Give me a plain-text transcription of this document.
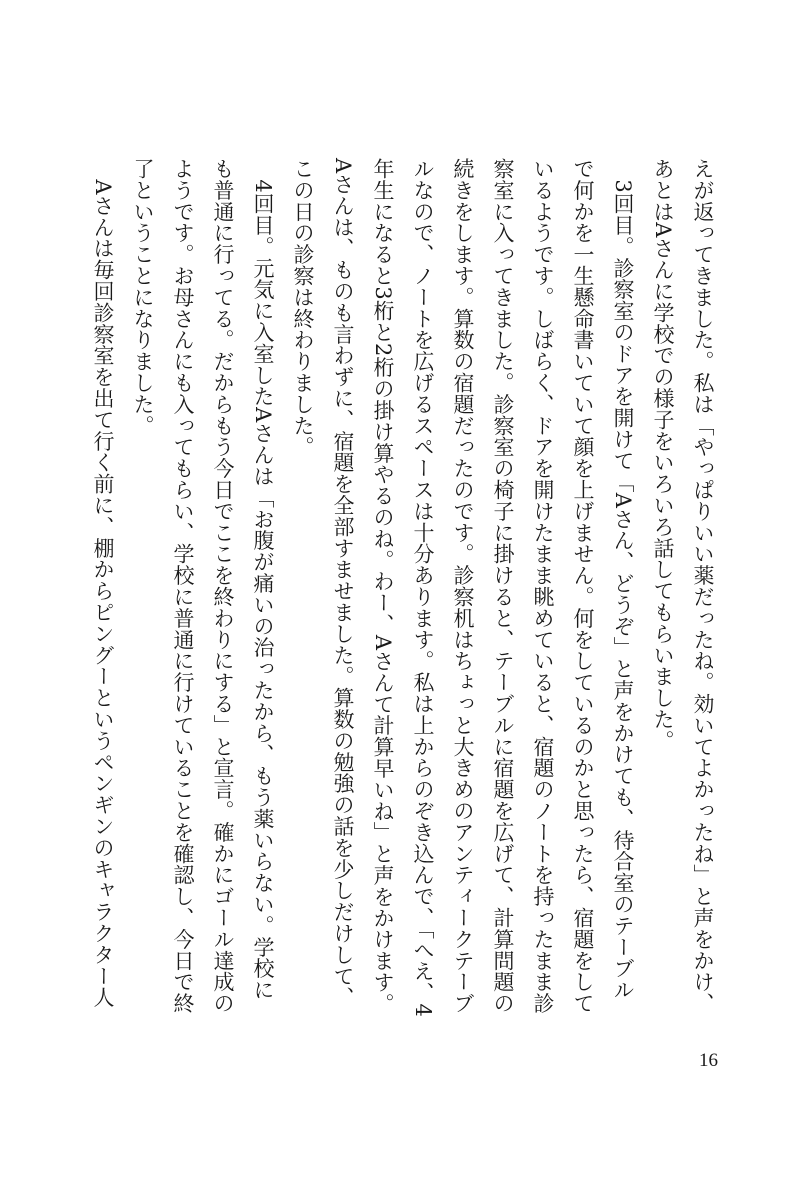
えが返ってきました。私は「やっぱりいい薬だったね。効いてよかったね」と声をかけ、
あとはAさんに学校での様子をいろいろ話してもらいました。
　3回目。診察室のドアを開けて「Aさん、どうぞ」と声をかけても、待合室のテーブル
で何かを一生懸命書いていて顔を上げません。何をしているのかと思ったら、宿題をして
いるようです。しばらく、ドアを開けたまま眺めていると、宿題のノートを持ったまま診
察室に入ってきました。診察室の椅子に掛けると、テーブルに宿題を広げて、計算問題の
続きをします。算数の宿題だったのです。診察机はちょっと大きめのアンティークテーブ
ルなので、ノートを広げるスペースは十分あります。私は上からのぞき込んで、「へえ、4
年生になると3桁と2桁の掛け算やるのね。わー、Aさんて計算早いね」と声をかけます。
Aさんは、ものも言わずに、宿題を全部すませました。算数の勉強の話を少しだけして、
この日の診察は終わりました。
　4回目。元気に入室したAさんは「お腹が痛いの治ったから、もう薬いらない。学校に
も普通に行ってる。だからもう今日でここを終わりにする」と宣言。確かにゴール達成の
ようです。お母さんにも入ってもらい、学校に普通に行けていることを確認し、今日で終
了ということになりました。
　Aさんは毎回診察室を出て行く前に、棚からピングーというペンギンのキャラクター人
16
